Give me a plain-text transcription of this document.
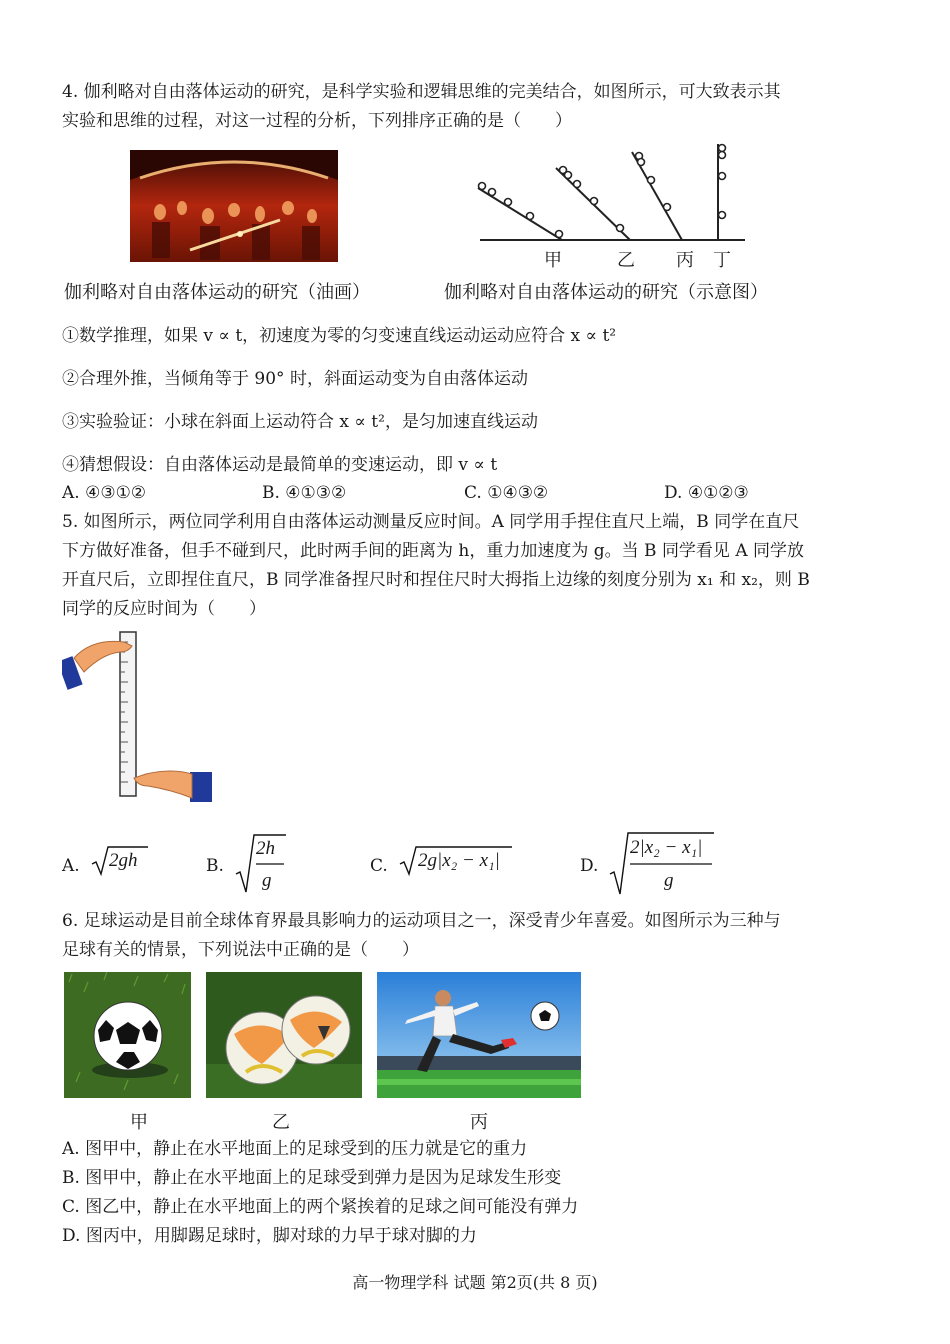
4. 伽利略对自由落体运动的研究，是科学实验和逻辑思维的完美结合，如图所示，可大致表示其
实验和思维的过程，对这一过程的分析，下列排序正确的是（　　）
甲	乙 丙 丁
伽利略对自由落体运动的研究（油画）	伽利略对自由落体运动的研究（示意图）
①数学推理，如果 v ∝ t，初速度为零的匀变速直线运动运动应符合 x ∝ t²
②合理外推，当倾角等于 90° 时，斜面运动变为自由落体运动
③实验验证：小球在斜面上运动符合 x ∝ t²，是匀加速直线运动
④猜想假设：自由落体运动是最简单的变速运动，即 v ∝ t
A. ④③①②	B. ④①③②	C. ①④③②	D. ④①②③
5. 如图所示，两位同学利用自由落体运动测量反应时间。A 同学用手捏住直尺上端，B 同学在直尺
下方做好准备，但手不碰到尺，此时两手间的距离为 h，重力加速度为 g。当 B 同学看见 A 同学放
开直尺后，立即捏住直尺，B 同学准备捏尺时和捏住尺时大拇指上边缘的刻度分别为 x₁ 和 x₂，则 B
同学的反应时间为（　　）
A. 2gh	B.
2h
g
C. 2g|x₂ − x₁|	D.
2|x₂ − x₁|
g
6. 足球运动是目前全球体育界最具影响力的运动项目之一，深受青少年喜爱。如图所示为三种与
足球有关的情景，下列说法中正确的是（　　）
甲	乙	丙
A. 图甲中，静止在水平地面上的足球受到的压力就是它的重力
B. 图甲中，静止在水平地面上的足球受到弹力是因为足球发生形变
C. 图乙中，静止在水平地面上的两个紧挨着的足球之间可能没有弹力
D. 图丙中，用脚踢足球时，脚对球的力早于球对脚的力
高一物理学科 试题 第2页(共 8 页)
